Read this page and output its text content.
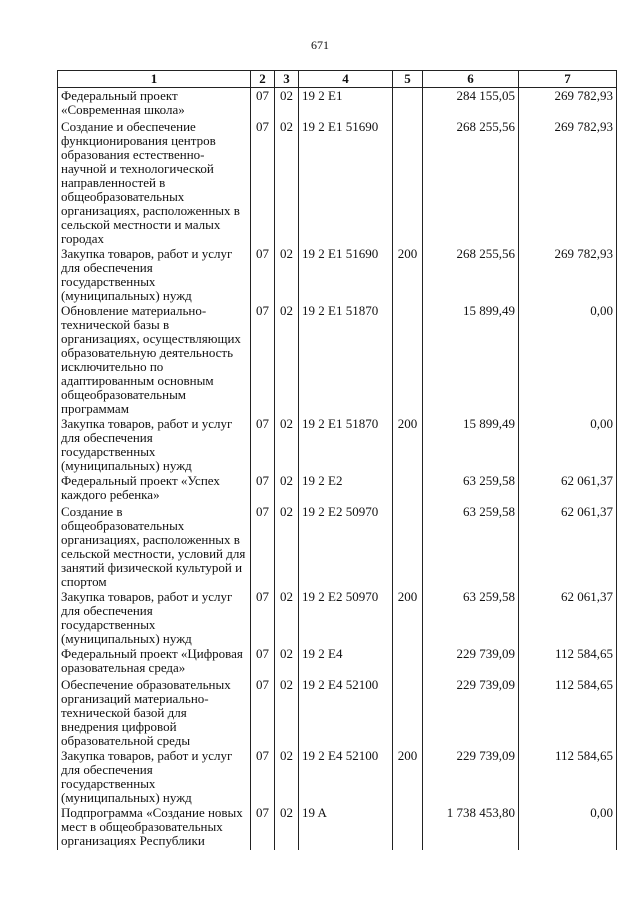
671
1	2	3	4	5	6	7
Федеральный проект «Современная школа»	07	02	19 2 E1		284 155,05	269 782,93
Создание и обеспечение функционирования центров образования естественно-научной и технологической направленностей в общеобразовательных организациях, расположенных в сельской местности и малых городах	07	02	19 2 E1 51690		268 255,56	269 782,93
Закупка товаров, работ и услуг для обеспечения государственных (муниципальных) нужд	07	02	19 2 E1 51690	200	268 255,56	269 782,93
Обновление материально-технической базы в организациях, осуществляющих образовательную деятельность исключительно по адаптированным основным общеобразовательным программам	07	02	19 2 E1 51870		15 899,49	0,00
Закупка товаров, работ и услуг для обеспечения государственных (муниципальных) нужд	07	02	19 2 E1 51870	200	15 899,49	0,00
Федеральный проект «Успех каждого ребенка»	07	02	19 2 E2		63 259,58	62 061,37
Создание в общеобразовательных организациях, расположенных в сельской местности, условий для занятий физической культурой и спортом	07	02	19 2 E2 50970		63 259,58	62 061,37
Закупка товаров, работ и услуг для обеспечения государственных (муниципальных) нужд	07	02	19 2 E2 50970	200	63 259,58	62 061,37
Федеральный проект «Цифровая оразовательная среда»	07	02	19 2 E4		229 739,09	112 584,65
Обеспечение образовательных организаций материально-технической базой для внедрения цифровой образовательной среды	07	02	19 2 E4 52100		229 739,09	112 584,65
Закупка товаров, работ и услуг для обеспечения государственных (муниципальных) нужд	07	02	19 2 E4 52100	200	229 739,09	112 584,65
Подпрограмма «Создание новых мест в общеобразовательных организациях Республики	07	02	19 A		1 738 453,80	0,00
